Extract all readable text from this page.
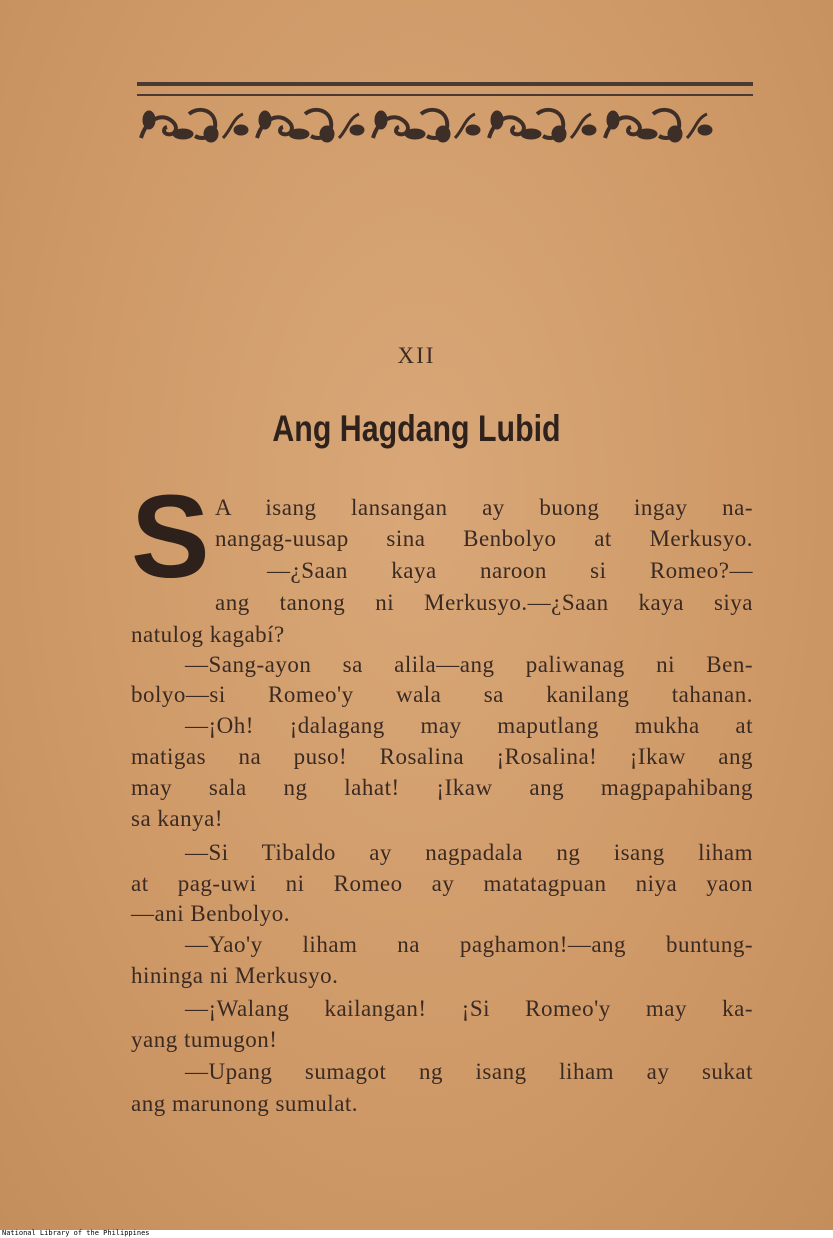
XII
Ang Hagdang Lubid
S A isang lansangan ay buong ingay na-
nangag-uusap sina Benbolyo at Merkusyo.
—¿Saan kaya naroon si Romeo?—
ang tanong ni Merkusyo.—¿Saan kaya siya
natulog kagabí?
—Sang-ayon sa alila—ang paliwanag ni Ben-
bolyo—si Romeo'y wala sa kanilang tahanan.
—¡Oh! ¡dalagang may maputlang mukha at
matigas na puso! Rosalina ¡Rosalina! ¡Ikaw ang
may sala ng lahat! ¡Ikaw ang magpapahibang
sa kanya!
—Si Tibaldo ay nagpadala ng isang liham
at pag-uwi ni Romeo ay matatagpuan niya yaon
—ani Benbolyo.
—Yao'y liham na paghamon!—ang buntung-
hininga ni Merkusyo.
—¡Walang kailangan! ¡Si Romeo'y may ka-
yang tumugon!
—Upang sumagot ng isang liham ay sukat
ang marunong sumulat.
National Library of the Philippines
